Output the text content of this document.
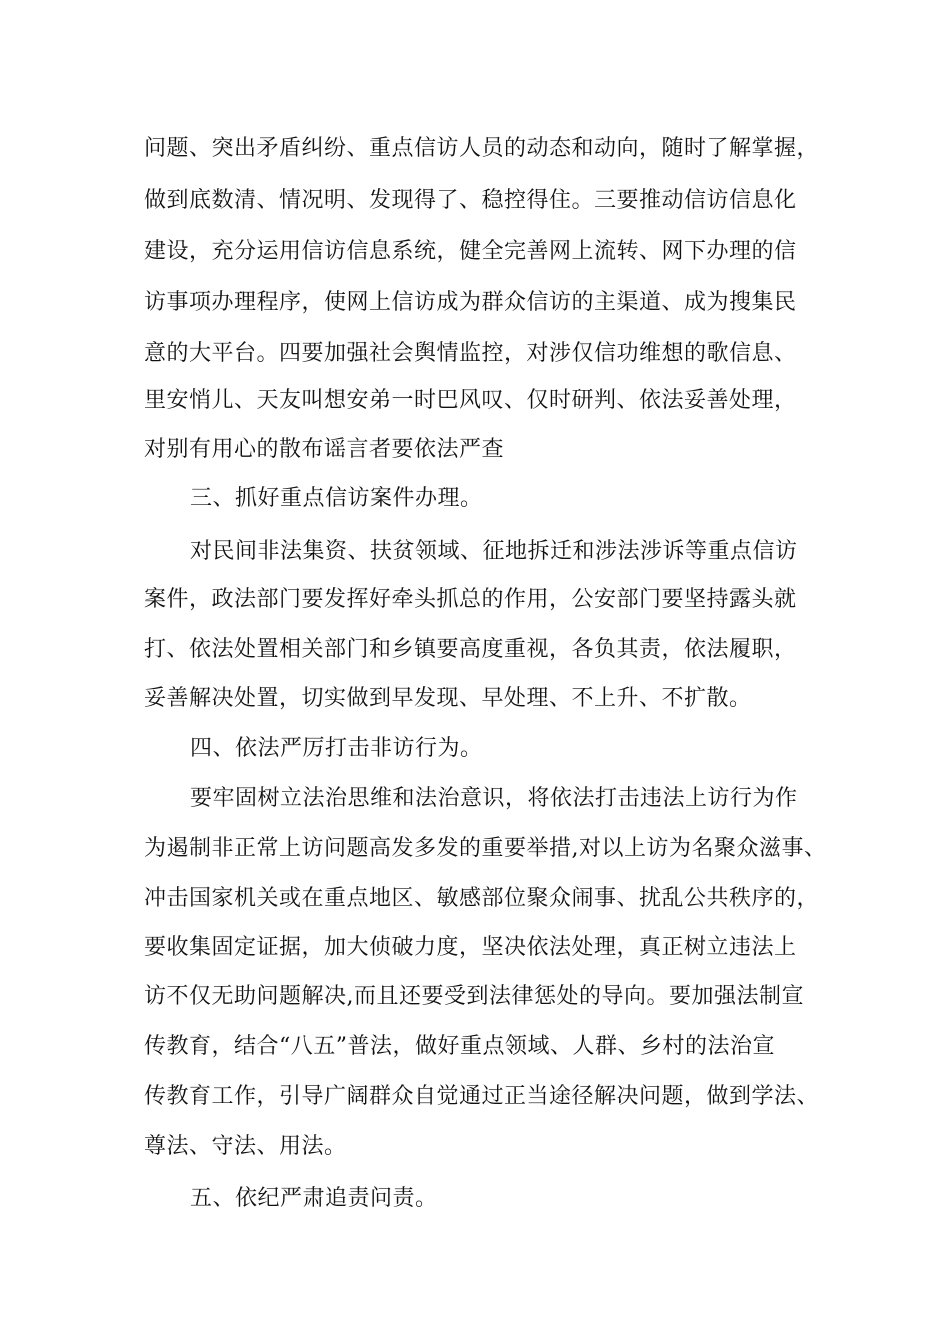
问题、突出矛盾纠纷、重点信访人员的动态和动向，随时了解掌握，
做到底数清、情况明、发现得了、稳控得住。三要推动信访信息化
建设，充分运用信访信息系统，健全完善网上流转、网下办理的信
访事项办理程序，使网上信访成为群众信访的主渠道、成为搜集民
意的大平台。四要加强社会舆情监控，对涉仅信功维想的歌信息、
里安悄儿、天友叫想安弟一时巴风叹、仅时研判、依法妥善处理，
对别有用心的散布谣言者要依法严查
三、抓好重点信访案件办理。
对民间非法集资、扶贫领域、征地拆迁和涉法涉诉等重点信访
案件，政法部门要发挥好牵头抓总的作用，公安部门要坚持露头就
打、依法处置相关部门和乡镇要高度重视，各负其责，依法履职，
妥善解决处置，切实做到早发现、早处理、不上升、不扩散。
四、依法严厉打击非访行为。
要牢固树立法治思维和法治意识，将依法打击违法上访行为作
为遏制非正常上访问题高发多发的重要举措,对以上访为名聚众滋事、
冲击国家机关或在重点地区、敏感部位聚众闹事、扰乱公共秩序的，
要收集固定证据，加大侦破力度，坚决依法处理，真正树立违法上
访不仅无助问题解决,而且还要受到法律惩处的导向。要加强法制宣
传教育，结合“八五”普法，做好重点领域、人群、乡村的法治宣
传教育工作，引导广阔群众自觉通过正当途径解决问题，做到学法、
尊法、守法、用法。
五、依纪严肃追责问责。
